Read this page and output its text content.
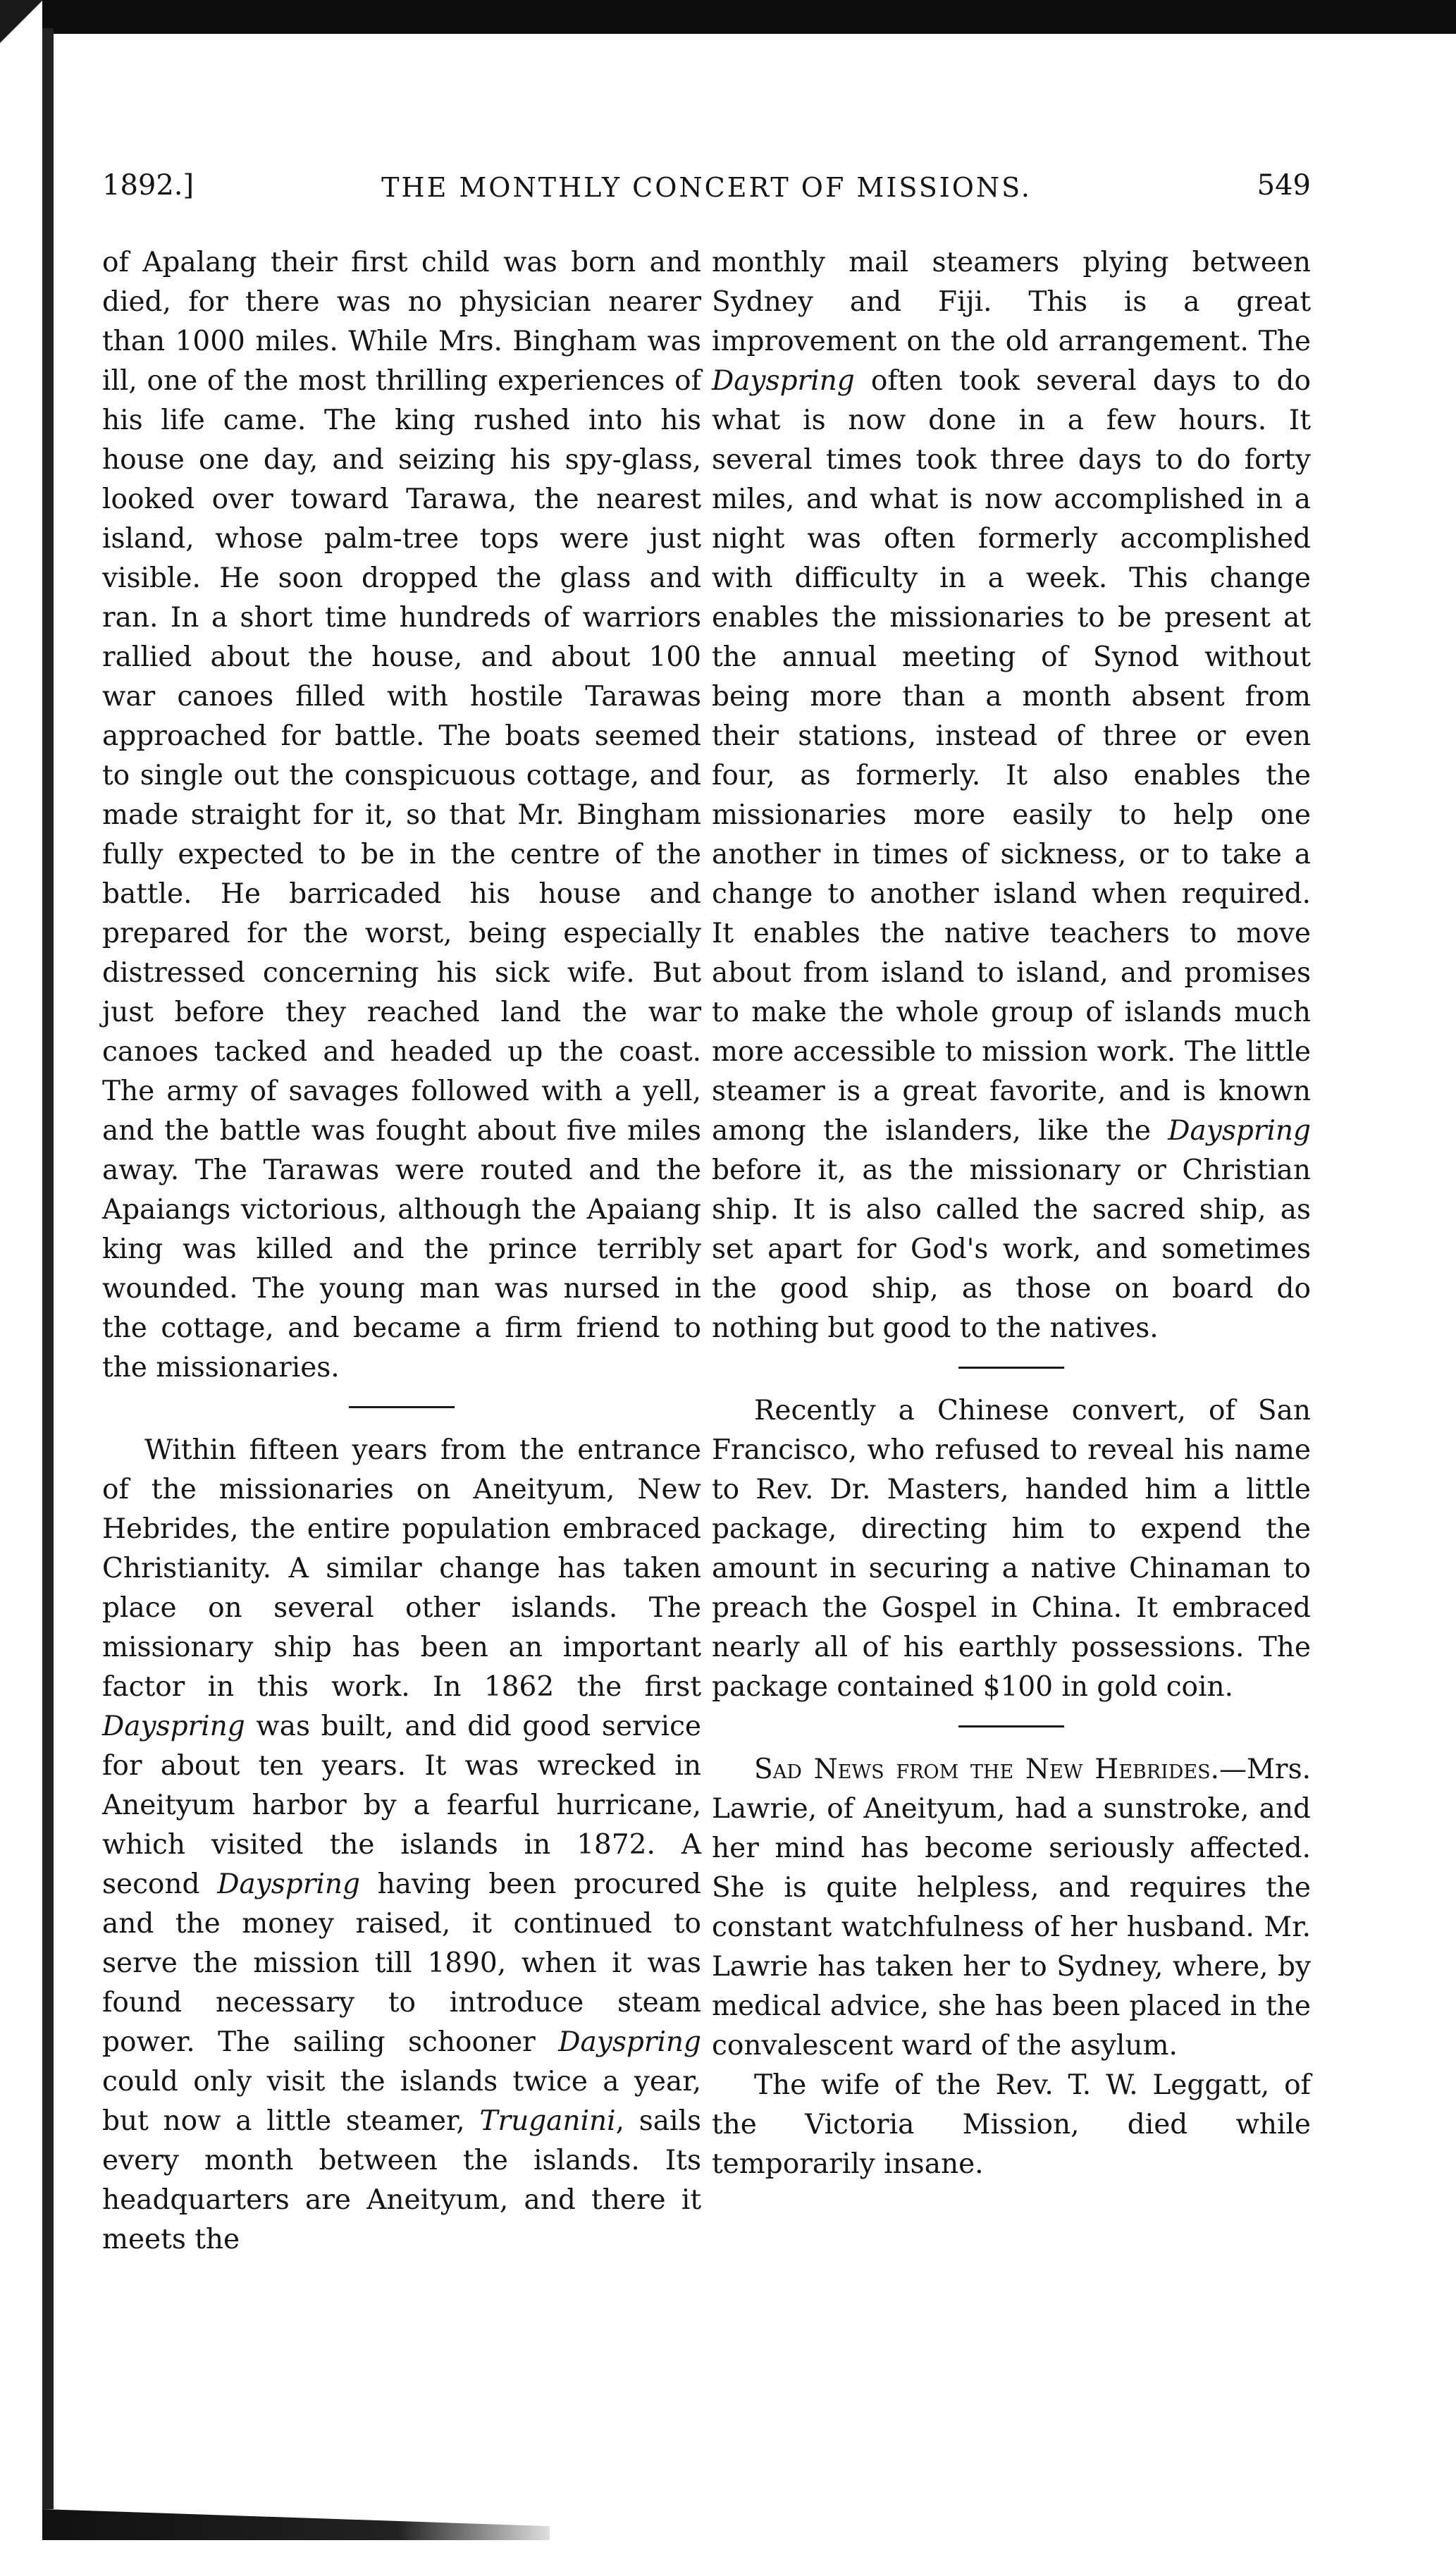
1892.]	THE MONTHLY CONCERT OF MISSIONS.	549

of Apalang their first child was born and died, for there was no physician nearer than 1000 miles. While Mrs. Bingham was ill, one of the most thrilling experiences of his life came. The king rushed into his house one day, and seizing his spy-glass, looked over toward Tarawa, the nearest island, whose palm-tree tops were just visible. He soon dropped the glass and ran. In a short time hundreds of warriors rallied about the house, and about 100 war canoes filled with hostile Tarawas approached for battle. The boats seemed to single out the conspicuous cottage, and made straight for it, so that Mr. Bingham fully expected to be in the centre of the battle. He barricaded his house and prepared for the worst, being especially distressed concerning his sick wife. But just before they reached land the war canoes tacked and headed up the coast. The army of savages followed with a yell, and the battle was fought about five miles away. The Tarawas were routed and the Apaiangs victorious, although the Apaiang king was killed and the prince terribly wounded. The young man was nursed in the cottage, and became a firm friend to the missionaries.

Within fifteen years from the entrance of the missionaries on Aneityum, New Hebrides, the entire population embraced Christianity. A similar change has taken place on several other islands. The missionary ship has been an important factor in this work. In 1862 the first Dayspring was built, and did good service for about ten years. It was wrecked in Aneityum harbor by a fearful hurricane, which visited the islands in 1872. A second Dayspring having been procured and the money raised, it continued to serve the mission till 1890, when it was found necessary to introduce steam power. The sailing schooner Dayspring could only visit the islands twice a year, but now a little steamer, Truganini, sails every month between the islands. Its headquarters are Aneityum, and there it meets the

monthly mail steamers plying between Sydney and Fiji. This is a great improvement on the old arrangement. The Dayspring often took several days to do what is now done in a few hours. It several times took three days to do forty miles, and what is now accomplished in a night was often formerly accomplished with difficulty in a week. This change enables the missionaries to be present at the annual meeting of Synod without being more than a month absent from their stations, instead of three or even four, as formerly. It also enables the missionaries more easily to help one another in times of sickness, or to take a change to another island when required. It enables the native teachers to move about from island to island, and promises to make the whole group of islands much more accessible to mission work. The little steamer is a great favorite, and is known among the islanders, like the Dayspring before it, as the missionary or Christian ship. It is also called the sacred ship, as set apart for God's work, and sometimes the good ship, as those on board do nothing but good to the natives.

Recently a Chinese convert, of San Francisco, who refused to reveal his name to Rev. Dr. Masters, handed him a little package, directing him to expend the amount in securing a native Chinaman to preach the Gospel in China. It embraced nearly all of his earthly possessions. The package contained $100 in gold coin.

Sad News from the New Hebrides.—Mrs. Lawrie, of Aneityum, had a sunstroke, and her mind has become seriously affected. She is quite helpless, and requires the constant watchfulness of her husband. Mr. Lawrie has taken her to Sydney, where, by medical advice, she has been placed in the convalescent ward of the asylum.

The wife of the Rev. T. W. Leggatt, of the Victoria Mission, died while temporarily insane.
